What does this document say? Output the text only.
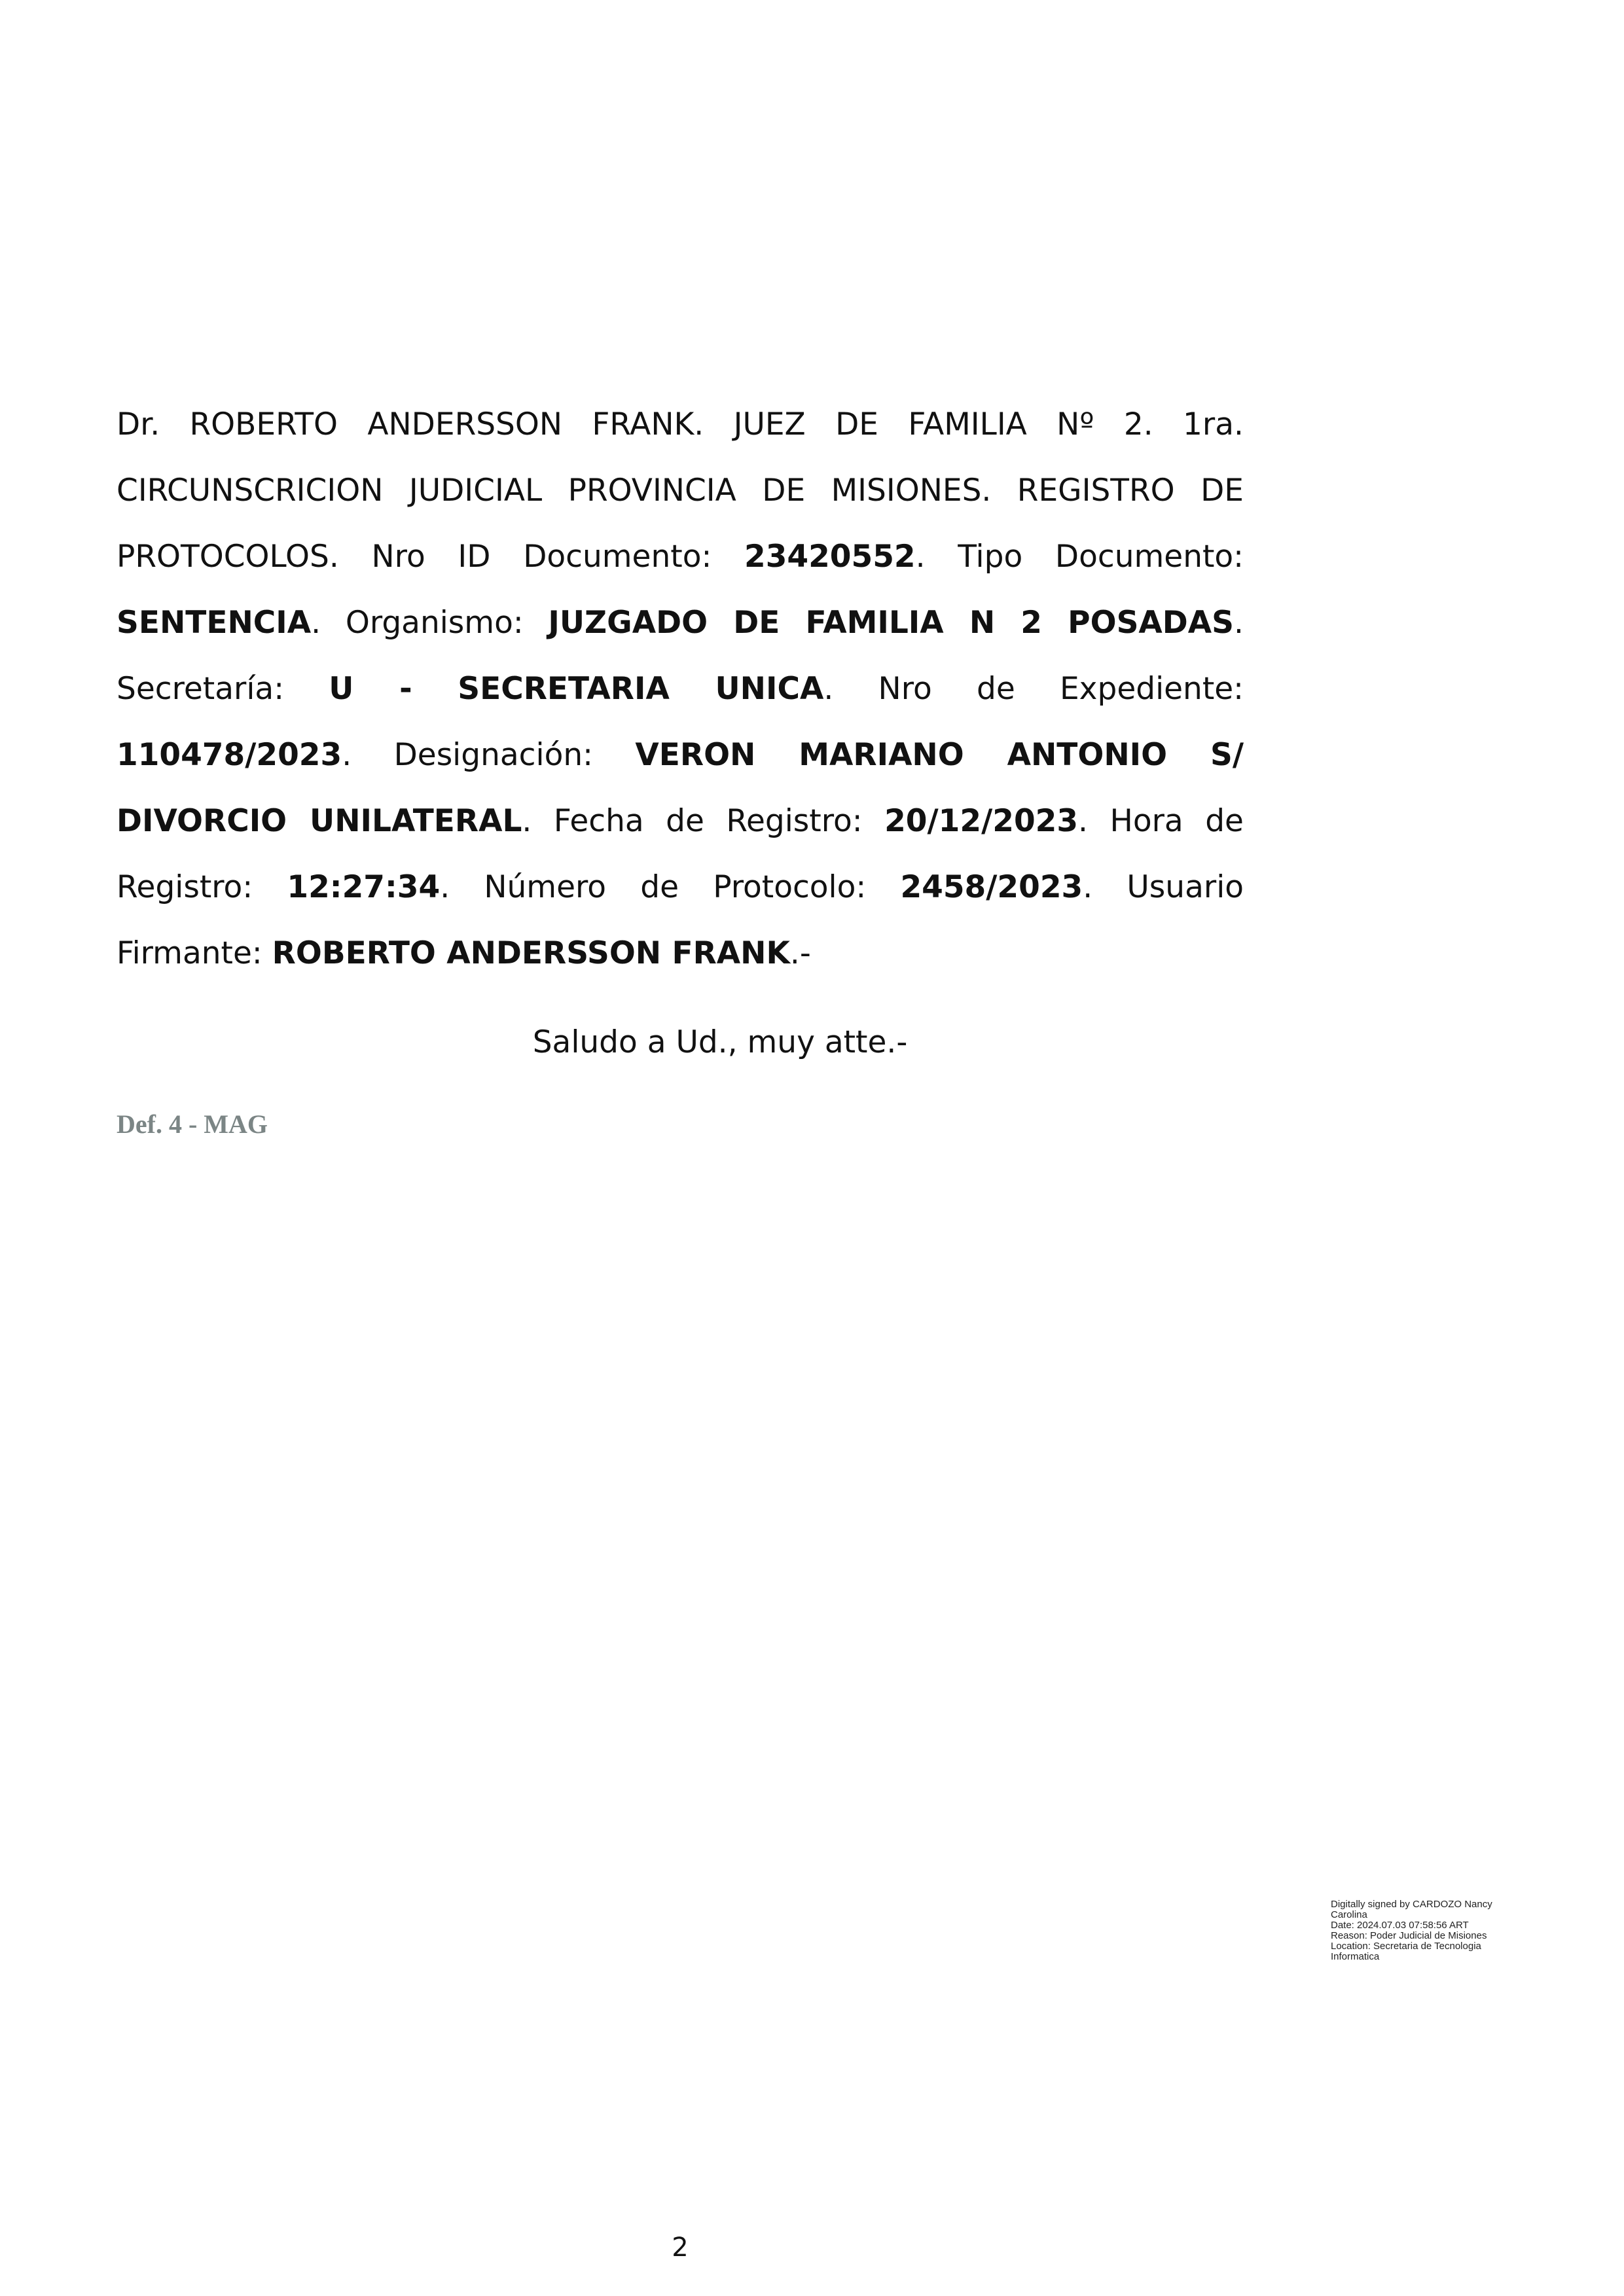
Dr. ROBERTO ANDERSSON FRANK. JUEZ DE FAMILIA Nº 2. 1ra. CIRCUNSCRICION JUDICIAL PROVINCIA DE MISIONES. REGISTRO DE PROTOCOLOS. Nro ID Documento: 23420552. Tipo Documento: SENTENCIA. Organismo: JUZGADO DE FAMILIA N 2 POSADAS. Secretaría: U - SECRETARIA UNICA. Nro de Expediente: 110478/2023. Designación: VERON MARIANO ANTONIO S/ DIVORCIO UNILATERAL. Fecha de Registro: 20/12/2023. Hora de Registro: 12:27:34. Número de Protocolo: 2458/2023. Usuario Firmante: ROBERTO ANDERSSON FRANK.-

Saludo a Ud., muy atte.-

Def. 4 - MAG

Digitally signed by CARDOZO Nancy
Carolina
Date: 2024.07.03 07:58:56 ART
Reason: Poder Judicial de Misiones
Location: Secretaria de Tecnologia
Informatica

2
